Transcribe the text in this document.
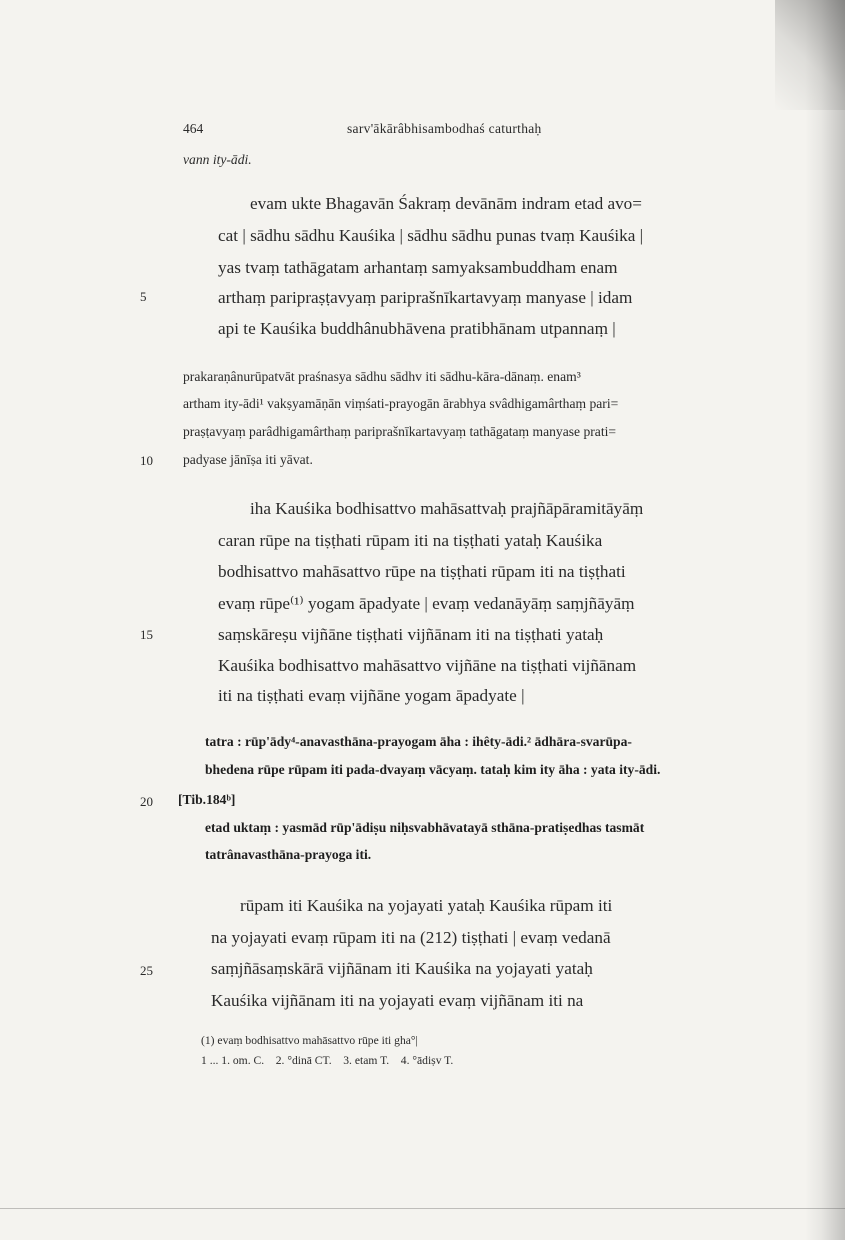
464	sarv'ākārâbhisambodhaś caturthaḥ
5
10
15
20
25
vann ity-ādi.
evam ukte Bhagavān Śakraṃ devānām indram etad avo=
cat | sādhu sādhu Kauśika | sādhu sādhu punas tvaṃ Kauśika |
yas tvaṃ tathāgatam arhantaṃ samyaksambuddham enam
arthaṃ paripraṣṭavyaṃ pariprašnīkartavyaṃ manyase | idam
api te Kauśika buddhânubhāvena pratibhānam utpannaṃ |
prakaraṇânurūpatvāt praśnasya sādhu sādhv iti sādhu-kāra-dānaṃ. enam³
artham ity-ādi¹ vakṣyamāṇān viṃśati-prayogān ārabhya svâdhigamârthaṃ pari=
praṣṭavyaṃ parâdhigamârthaṃ pariprašnīkartavyaṃ tathāgataṃ manyase prati=
padyase jānīṣa iti yāvat.
iha Kauśika bodhisattvo mahāsattvaḥ prajñāpāramitāyāṃ
caran rūpe na tiṣṭhati rūpam iti na tiṣṭhati yataḥ Kauśika
bodhisattvo mahāsattvo rūpe na tiṣṭhati rūpam iti na tiṣṭhati
evaṃ rūpe⁽¹⁾ yogam āpadyate | evaṃ vedanāyāṃ saṃjñāyāṃ
saṃskāreṣu vijñāne tiṣṭhati vijñānam iti na tiṣṭhati yataḥ
Kauśika bodhisattvo mahāsattvo vijñāne na tiṣṭhati vijñānam
iti na tiṣṭhati evaṃ vijñāne yogam āpadyate |
tatra : rūp'ādy⁴-anavasthāna-prayogam āha : ihêty-ādi.² ādhāra-svarūpa-
bhedena rūpe rūpam iti pada-dvayaṃ vācyaṃ. tataḥ kim ity āha : yata ity-ādi.
[Tib.184ᵇ]
etad uktaṃ : yasmād rūp'ādiṣu niḥsvabhāvatayā sthāna-pratiṣedhas tasmāt
tatrânavasthāna-prayoga iti.
rūpam iti Kauśika na yojayati yataḥ Kauśika rūpam iti
na yojayati evaṃ rūpam iti na (212) tiṣṭhati | evaṃ vedanā
saṃjñāsaṃskārā vijñānam iti Kauśika na yojayati yataḥ
Kauśika vijñānam iti na yojayati evaṃ vijñānam iti na
(1) evaṃ bodhisattvo mahāsattvo rūpe iti gha°|
1 ... 1. om. C.    2. °dinā CT.    3. etam T.    4. °ādiṣv T.
